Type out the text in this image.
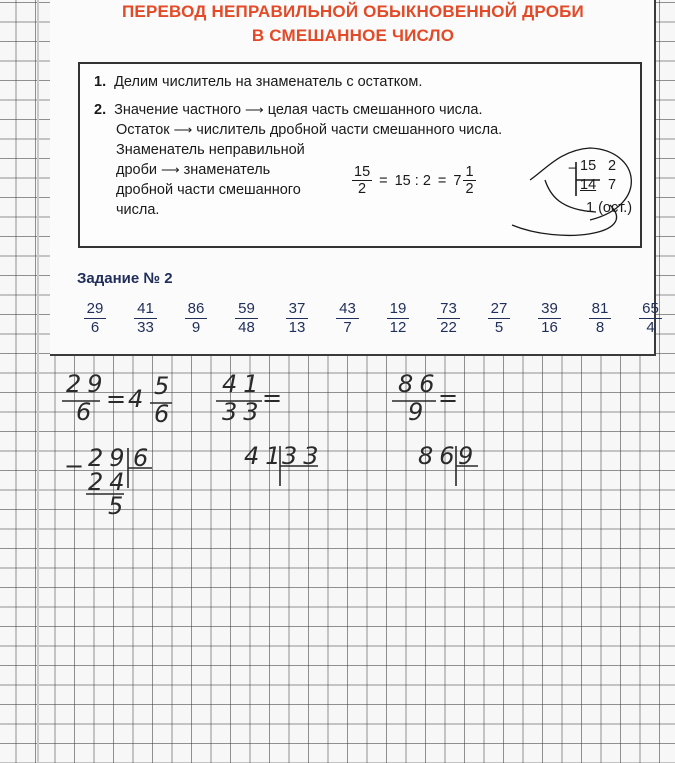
ПЕРЕВОД НЕПРАВИЛЬНОЙ ОБЫКНОВЕННОЙ ДРОБИ
В СМЕШАННОЕ ЧИСЛО
1. Делим числитель на знаменатель с остатком.
2. Значение частного ⟶ целая часть смешанного числа.
Остаток ⟶ числитель дробной части смешанного числа.
Знаменатель неправильной
дроби ⟶ знаменатель
дробной части смешанного
числа.
$\frac{15}{2} = 15$ : $2 = 7 \frac{1}{2}$	− 15 2
14 7
1 (ост.)
Задание № 2
$\frac{29}{6} \frac{41}{33} \frac{86}{9} \frac{59}{48} \frac{37}{13} \frac{43}{7} \frac{19}{12} \frac{73}{22} \frac{27}{5} \frac{39}{16} \frac{81}{8} \frac{65}{4}$
29
6 =
4 5
6
41
33
=	86
9 =
−
29 6
24
5
41
33	86
9
